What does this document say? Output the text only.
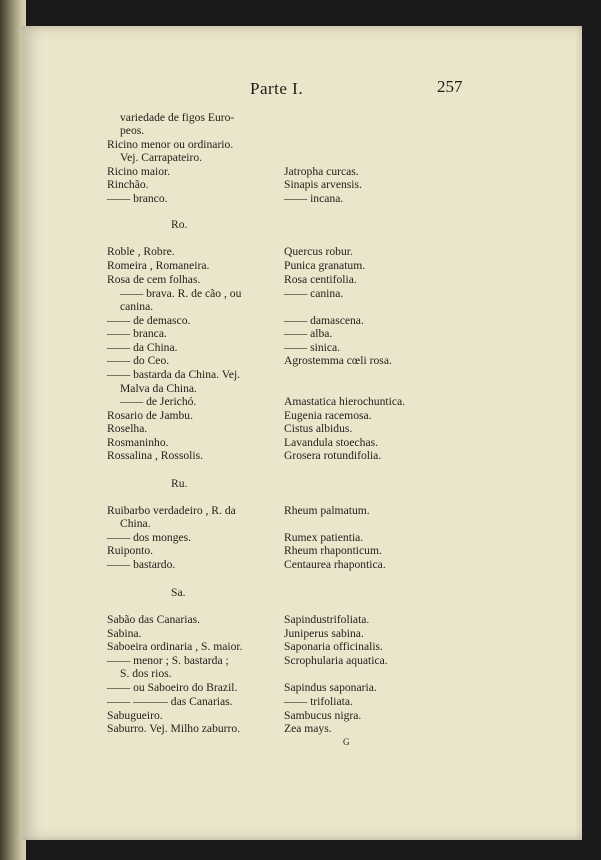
Parte I.	257
variedade de figos Euro-
peos.
Ricino menor ou ordinario.
Vej. Carrapateiro.
Ricino maior.
Rinchão.
—— branco.
Roble , Robre.
Romeira , Romaneira.
Rosa de cem folhas.
—— brava. R. de cão , ou
canina.
—— de demasco.
—— branca.
—— da China.
—— do Ceo.
—— bastarda da China. Vej.
Malva da China.
—— de Jerichó.
Rosario de Jambu.
Roselha.
Rosmaninho.
Rossalina , Rossolis.
Ruibarbo verdadeiro , R. da
China.
—— dos monges.
Ruiponto.
—— bastardo.
Sabão das Canarias.
Sabina.
Saboeira ordinaria , S. maior.
—— menor ; S. bastarda ;
S. dos rios.
—— ou Saboeiro do Brazil.
—— ——— das Canarias.
Sabugueiro.
Saburro. Vej. Milho zaburro.
Jatropha curcas.
Sinapis arvensis.
—— incana.
Quercus robur.
Punica granatum.
Rosa centifolia.
—— canina.
—— damascena.
—— alba.
—— sinica.
Agrostemma cœli rosa.
Amastatica hierochuntica.
Eugenia racemosa.
Cistus albidus.
Lavandula stoechas.
Grosera rotundifolia.
Rheum palmatum.
Rumex patientia.
Rheum rhaponticum.
Centaurea rhapontica.
Sapindustrifoliata.
Juniperus sabina.
Saponaria officinalis.
Scrophularia aquatica.
Sapindus saponaria.
—— trifoliata.
Sambucus nigra.
Zea mays.
Ro.
Ru.
Sa.
G
